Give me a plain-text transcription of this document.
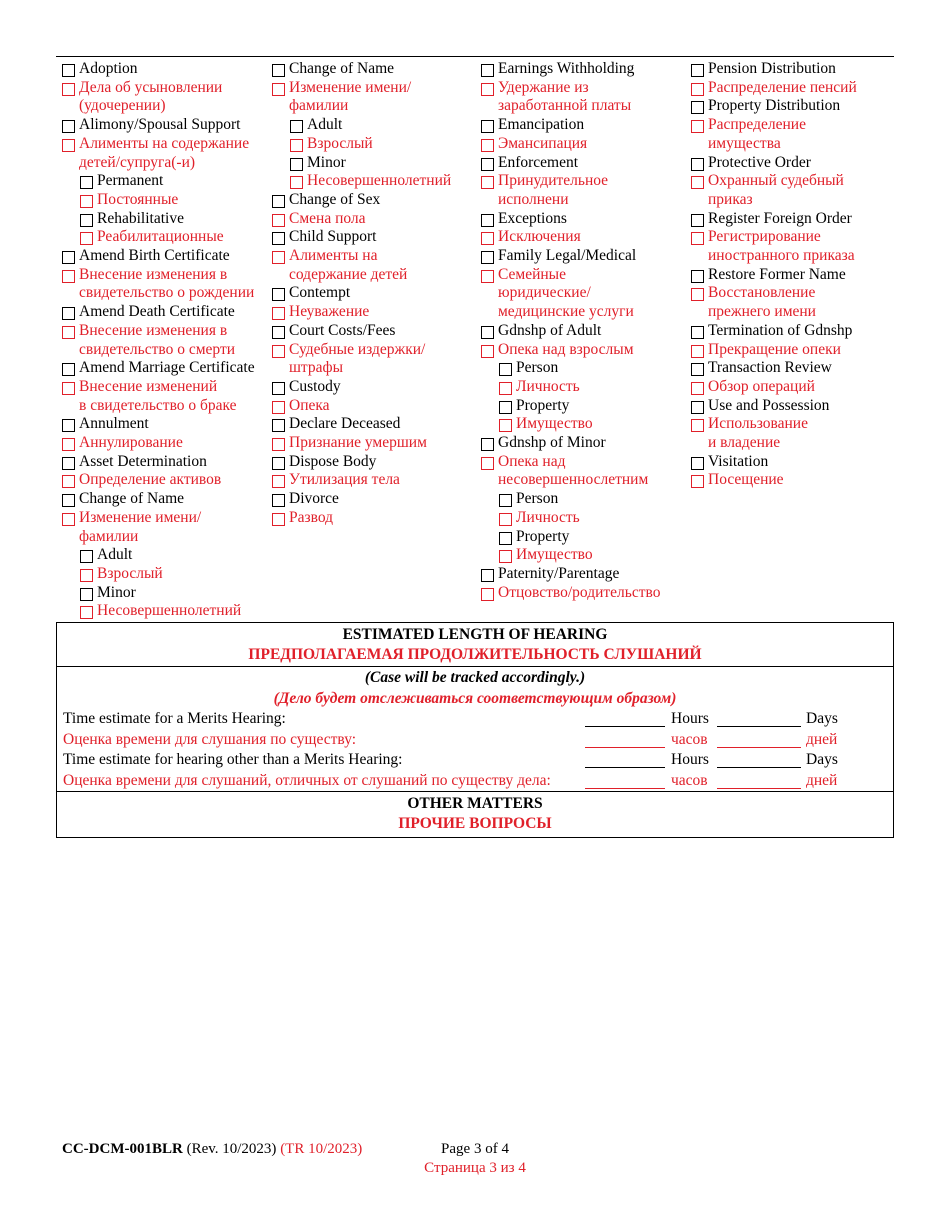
Adoption
Дела об усыновлении
(удочерении)
Alimony/Spousal Support
Алименты на содержание
детей/супруга(-и)
Permanent
Постоянные
Rehabilitative
Реабилитационные
Amend Birth Certificate
Внесение изменения в
свидетельство о рождении
Amend Death Certificate
Внесение изменения в
свидетельство о смерти
Amend Marriage Certificate
Внесение изменений
в свидетельство о браке
Annulment
Аннулирование
Asset Determination
Определение активов
Change of Name
Изменение имени/
фамилии
Adult
Взрослый
Minor
Несовершеннолетний
Change of Name
Изменение имени/
фамилии
Adult
Взрослый
Minor
Несовершеннолетний
Change of Sex
Смена пола
Child Support
Алименты на
содержание детей
Contempt
Неуважение
Court Costs/Fees
Судебные издержки/
штрафы
Custody
Опека
Declare Deceased
Признание умершим
Dispose Body
Утилизация тела
Divorce
Развод
Earnings Withholding
Удержание из
заработанной платы
Emancipation
Эмансипация
Enforcement
Принудительное
исполнени
Exceptions
Исключения
Family Legal/Medical
Семейные
юридические/
медицинские услуги
Gdnshp of Adult
Опека над взрослым
Person
Личность
Property
Имущество
Gdnshp of Minor
Опека над
несовершеннослетним
Person
Личность
Property
Имущество
Paternity/Parentage
Отцовство/родительство
Pension Distribution
Распределение пенсий
Property Distribution
Распределение
имущества
Protective Order
Охранный судебный
приказ
Register Foreign Order
Регистрирование
иностранного приказа
Restore Former Name
Восстановление
прежнего имени
Termination of Gdnshp
Прекращение опеки
Transaction Review
Обзор операций
Use and Possession
Использование
и владение
Visitation
Посещение
ESTIMATED LENGTH OF HEARING
ПРЕДПОЛАГАЕМАЯ ПРОДОЛЖИТЕЛЬНОСТЬ СЛУШАНИЙ
(Case will be tracked accordingly.)
(Дело будет отслеживаться соответствующим образом)
Time estimate for a Merits Hearing:	Hours	Days
Оценка времени для слушания по существу:	часов	дней
Time estimate for hearing other than a Merits Hearing:	Hours	Days
Оценка времени для слушаний, отличных от слушаний по существу дела:	часов	дней
OTHER MATTERS
ПРОЧИЕ ВОПРОСЫ
CC-DCM-001BLR (Rev. 10/2023) (TR 10/2023)	Page 3 of 4
Страница 3 из 4
